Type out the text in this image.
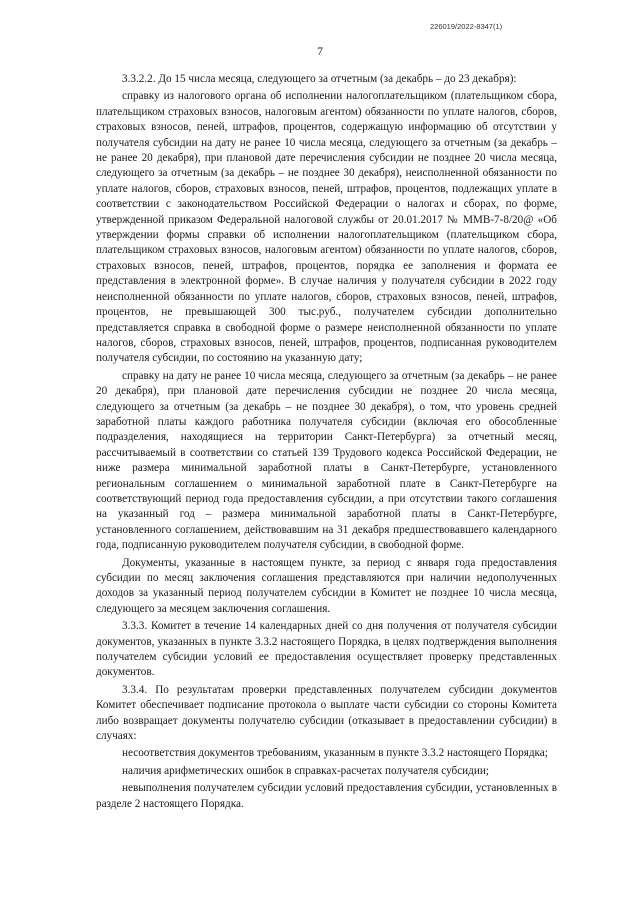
226019/2022-8347(1)
7

3.3.2.2. До 15 числа месяца, следующего за отчетным (за декабрь – до 23 декабря):

справку из налогового органа об исполнении налогоплательщиком (плательщиком сбора, плательщиком страховых взносов, налоговым агентом) обязанности по уплате налогов, сборов, страховых взносов, пеней, штрафов, процентов, содержащую информацию об отсутствии у получателя субсидии на дату не ранее 10 числа месяца, следующего за отчетным (за декабрь – не ранее 20 декабря), при плановой дате перечисления субсидии не позднее 20 числа месяца, следующего за отчетным (за декабрь – не позднее 30 декабря), неисполненной обязанности по уплате налогов, сборов, страховых взносов, пеней, штрафов, процентов, подлежащих уплате в соответствии с законодательством Российской Федерации о налогах и сборах, по форме, утвержденной приказом Федеральной налоговой службы от 20.01.2017 № ММВ-7-8/20@ «Об утверждении формы справки об исполнении налогоплательщиком (плательщиком сбора, плательщиком страховых взносов, налоговым агентом) обязанности по уплате налогов, сборов, страховых взносов, пеней, штрафов, процентов, порядка ее заполнения и формата ее представления в электронной форме». В случае наличия у получателя субсидии в 2022 году неисполненной обязанности по уплате налогов, сборов, страховых взносов, пеней, штрафов, процентов, не превышающей 300 тыс.руб., получателем субсидии дополнительно представляется справка в свободной форме о размере неисполненной обязанности по уплате налогов, сборов, страховых взносов, пеней, штрафов, процентов, подписанная руководителем получателя субсидии, по состоянию на указанную дату;

справку на дату не ранее 10 числа месяца, следующего за отчетным (за декабрь – не ранее 20 декабря), при плановой дате перечисления субсидии не позднее 20 числа месяца, следующего за отчетным (за декабрь – не позднее 30 декабря), о том, что уровень средней заработной платы каждого работника получателя субсидии (включая его обособленные подразделения, находящиеся на территории Санкт-Петербурга) за отчетный месяц, рассчитываемый в соответствии со статьей 139 Трудового кодекса Российской Федерации, не ниже размера минимальной заработной платы в Санкт-Петербурге, установленного региональным соглашением о минимальной заработной плате в Санкт-Петербурге на соответствующий период года предоставления субсидии, а при отсутствии такого соглашения на указанный год – размера минимальной заработной платы в Санкт-Петербурге, установленного соглашением, действовавшим на 31 декабря предшествовавшего календарного года, подписанную руководителем получателя субсидии, в свободной форме.

Документы, указанные в настоящем пункте, за период с января года предоставления субсидии по месяц заключения соглашения представляются при наличии недополученных доходов за указанный период получателем субсидии в Комитет не позднее 10 числа месяца, следующего за месяцем заключения соглашения.

3.3.3. Комитет в течение 14 календарных дней со дня получения от получателя субсидии документов, указанных в пункте 3.3.2 настоящего Порядка, в целях подтверждения выполнения получателем субсидии условий ее предоставления осуществляет проверку представленных документов.

3.3.4. По результатам проверки представленных получателем субсидии документов Комитет обеспечивает подписание протокола о выплате части субсидии со стороны Комитета либо возвращает документы получателю субсидии (отказывает в предоставлении субсидии) в случаях:

несоответствия документов требованиям, указанным в пункте 3.3.2 настоящего Порядка;

наличия арифметических ошибок в справках-расчетах получателя субсидии;

невыполнения получателем субсидии условий предоставления субсидии, установленных в разделе 2 настоящего Порядка.
